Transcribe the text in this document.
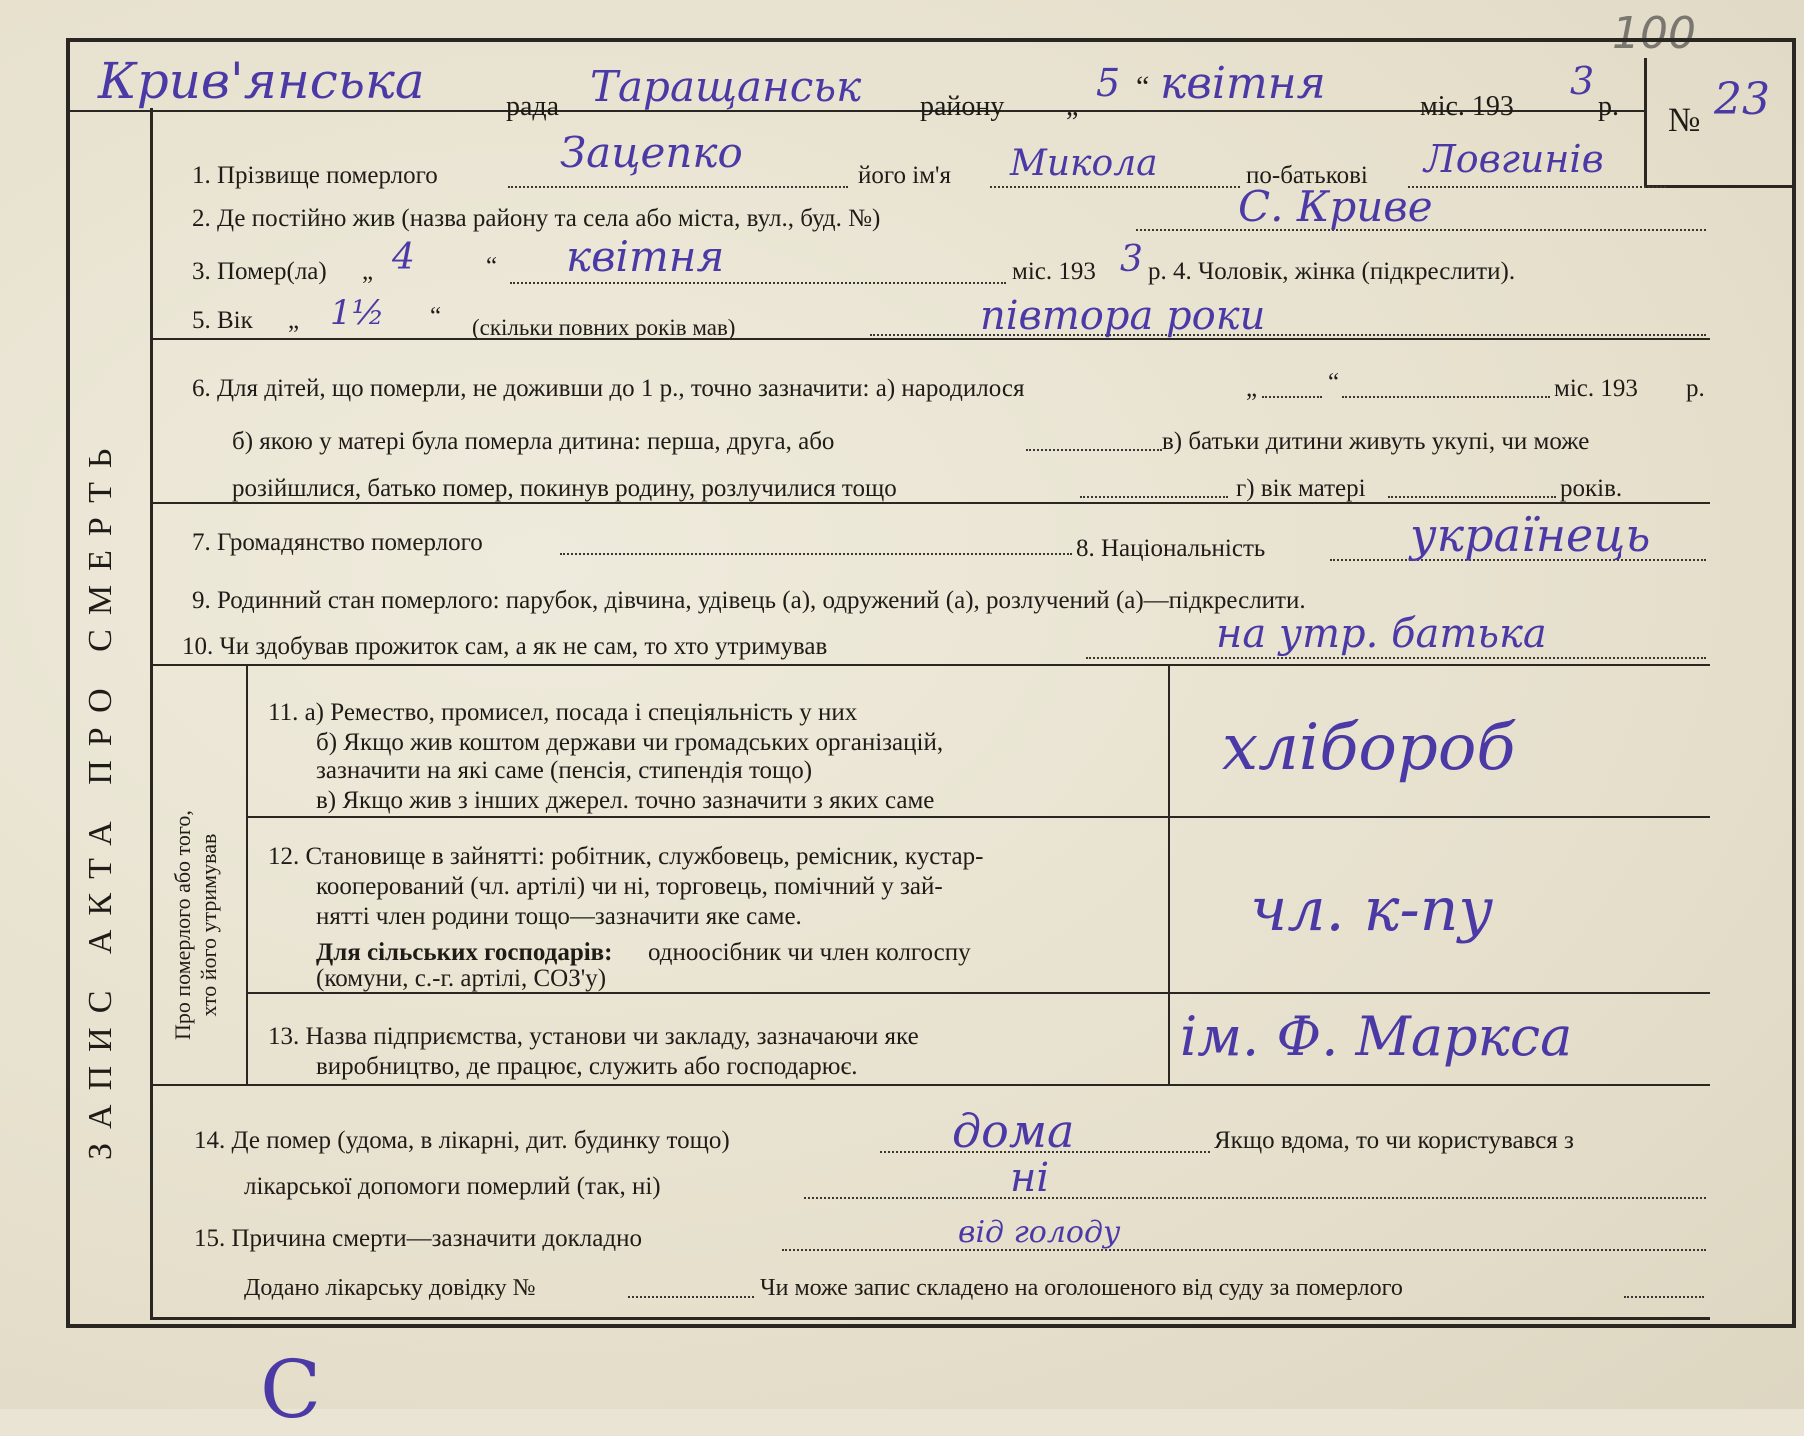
100
ЗАПИС АКТА ПРО СМЕРТЬ Про померлого або того, хто його утримував
Крив'янська	рада Таращанськ району „
5 “ квітня	міс. 193
3
р. № 23
1. Прізвище померлого	Зацепко	його ім'я Микола	по-батькові Ловгинів
2. Де постійно жив (назва району та села або міста, вул., буд. №)	С. Криве
3. Помер(ла) „ 4	“ квітня	міс. 193 3 р. 4. Чоловік, жінка (підкреслити).
5. Вік „ 1½ “ (скільки повних років мав)	півтора роки
6. Для дітей, що померли, не доживши до 1 р., точно зазначити: а) народилося	„	“	міс. 193 р.
б) якою у матері була померла дитина: перша, друга, або	в) батьки дитини живуть укупі, чи може
розійшлися, батько помер, покинув родину, розлучилися тощо	г) вік матері	років.
7. Громадянство померлого	8. Національність	українець
9. Родинний стан померлого: парубок, дівчина, удівець (а), одружений (а), розлучений (а)—підкреслити.
10. Чи здобував прожиток сам, а як не сам, то хто утримував	на утр. батька
11. а) Ремество, промисел, посада і спеціяльність у них
б) Якщо жив коштом держави чи громадських організацій,
зазначити на які саме (пенсія, стипендія тощо)
в) Якщо жив з інших джерел. точно зазначити з яких саме
хлібороб
12. Становище в зайнятті: робітник, службовець, ремісник, кустар-
кооперований (чл. артілі) чи ні, торговець, помічний у зай-
нятті член родини тощо—зазначити яке саме.
Для сільських господарів: одноосібник чи член колгоспу
(комуни, с.-г. артілі, СОЗ'у)
чл. к-пу
13. Назва підприємства, установи чи закладу, зазначаючи яке
виробництво, де працює, служить або господарює.	ім. Ф. Маркса
14. Де помер (удома, в лікарні, дит. будинку тощо)	дома	Якщо вдома, то чи користувався з
лікарської допомоги померлий (так, ні)	ні
15. Причина смерти—зазначити докладно	від голоду
Додано лікарську довідку №	Чи може запис складено на оголошеного від суду за померлого
С
